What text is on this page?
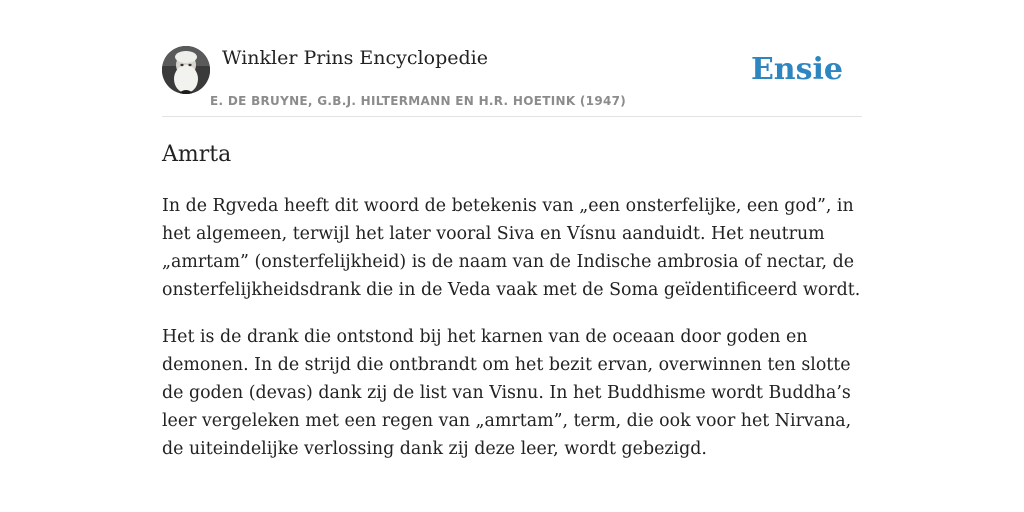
Winkler Prins Encyclopedie
E. DE BRUYNE, G.B.J. HILTERMANN EN H.R. HOETINK (1947)
Ensie
Amrta

In de Rgveda heeft dit woord de betekenis van „een onsterfelijke, een god”, in het algemeen, terwijl het later vooral Siva en Vísnu aanduidt. Het neutrum „amrtam” (onsterfelijkheid) is de naam van de Indische ambrosia of nectar, de onsterfelijkheidsdrank die in de Veda vaak met de Soma geïdentificeerd wordt.

Het is de drank die ontstond bij het karnen van de oceaan door goden en demonen. In de strijd die ontbrandt om het bezit ervan, overwinnen ten slotte de goden (devas) dank zij de list van Visnu. In het Buddhisme wordt Buddha’s leer vergeleken met een regen van „amrtam”, term, die ook voor het Nirvana, de uiteindelijke verlossing dank zij deze leer, wordt gebezigd.
